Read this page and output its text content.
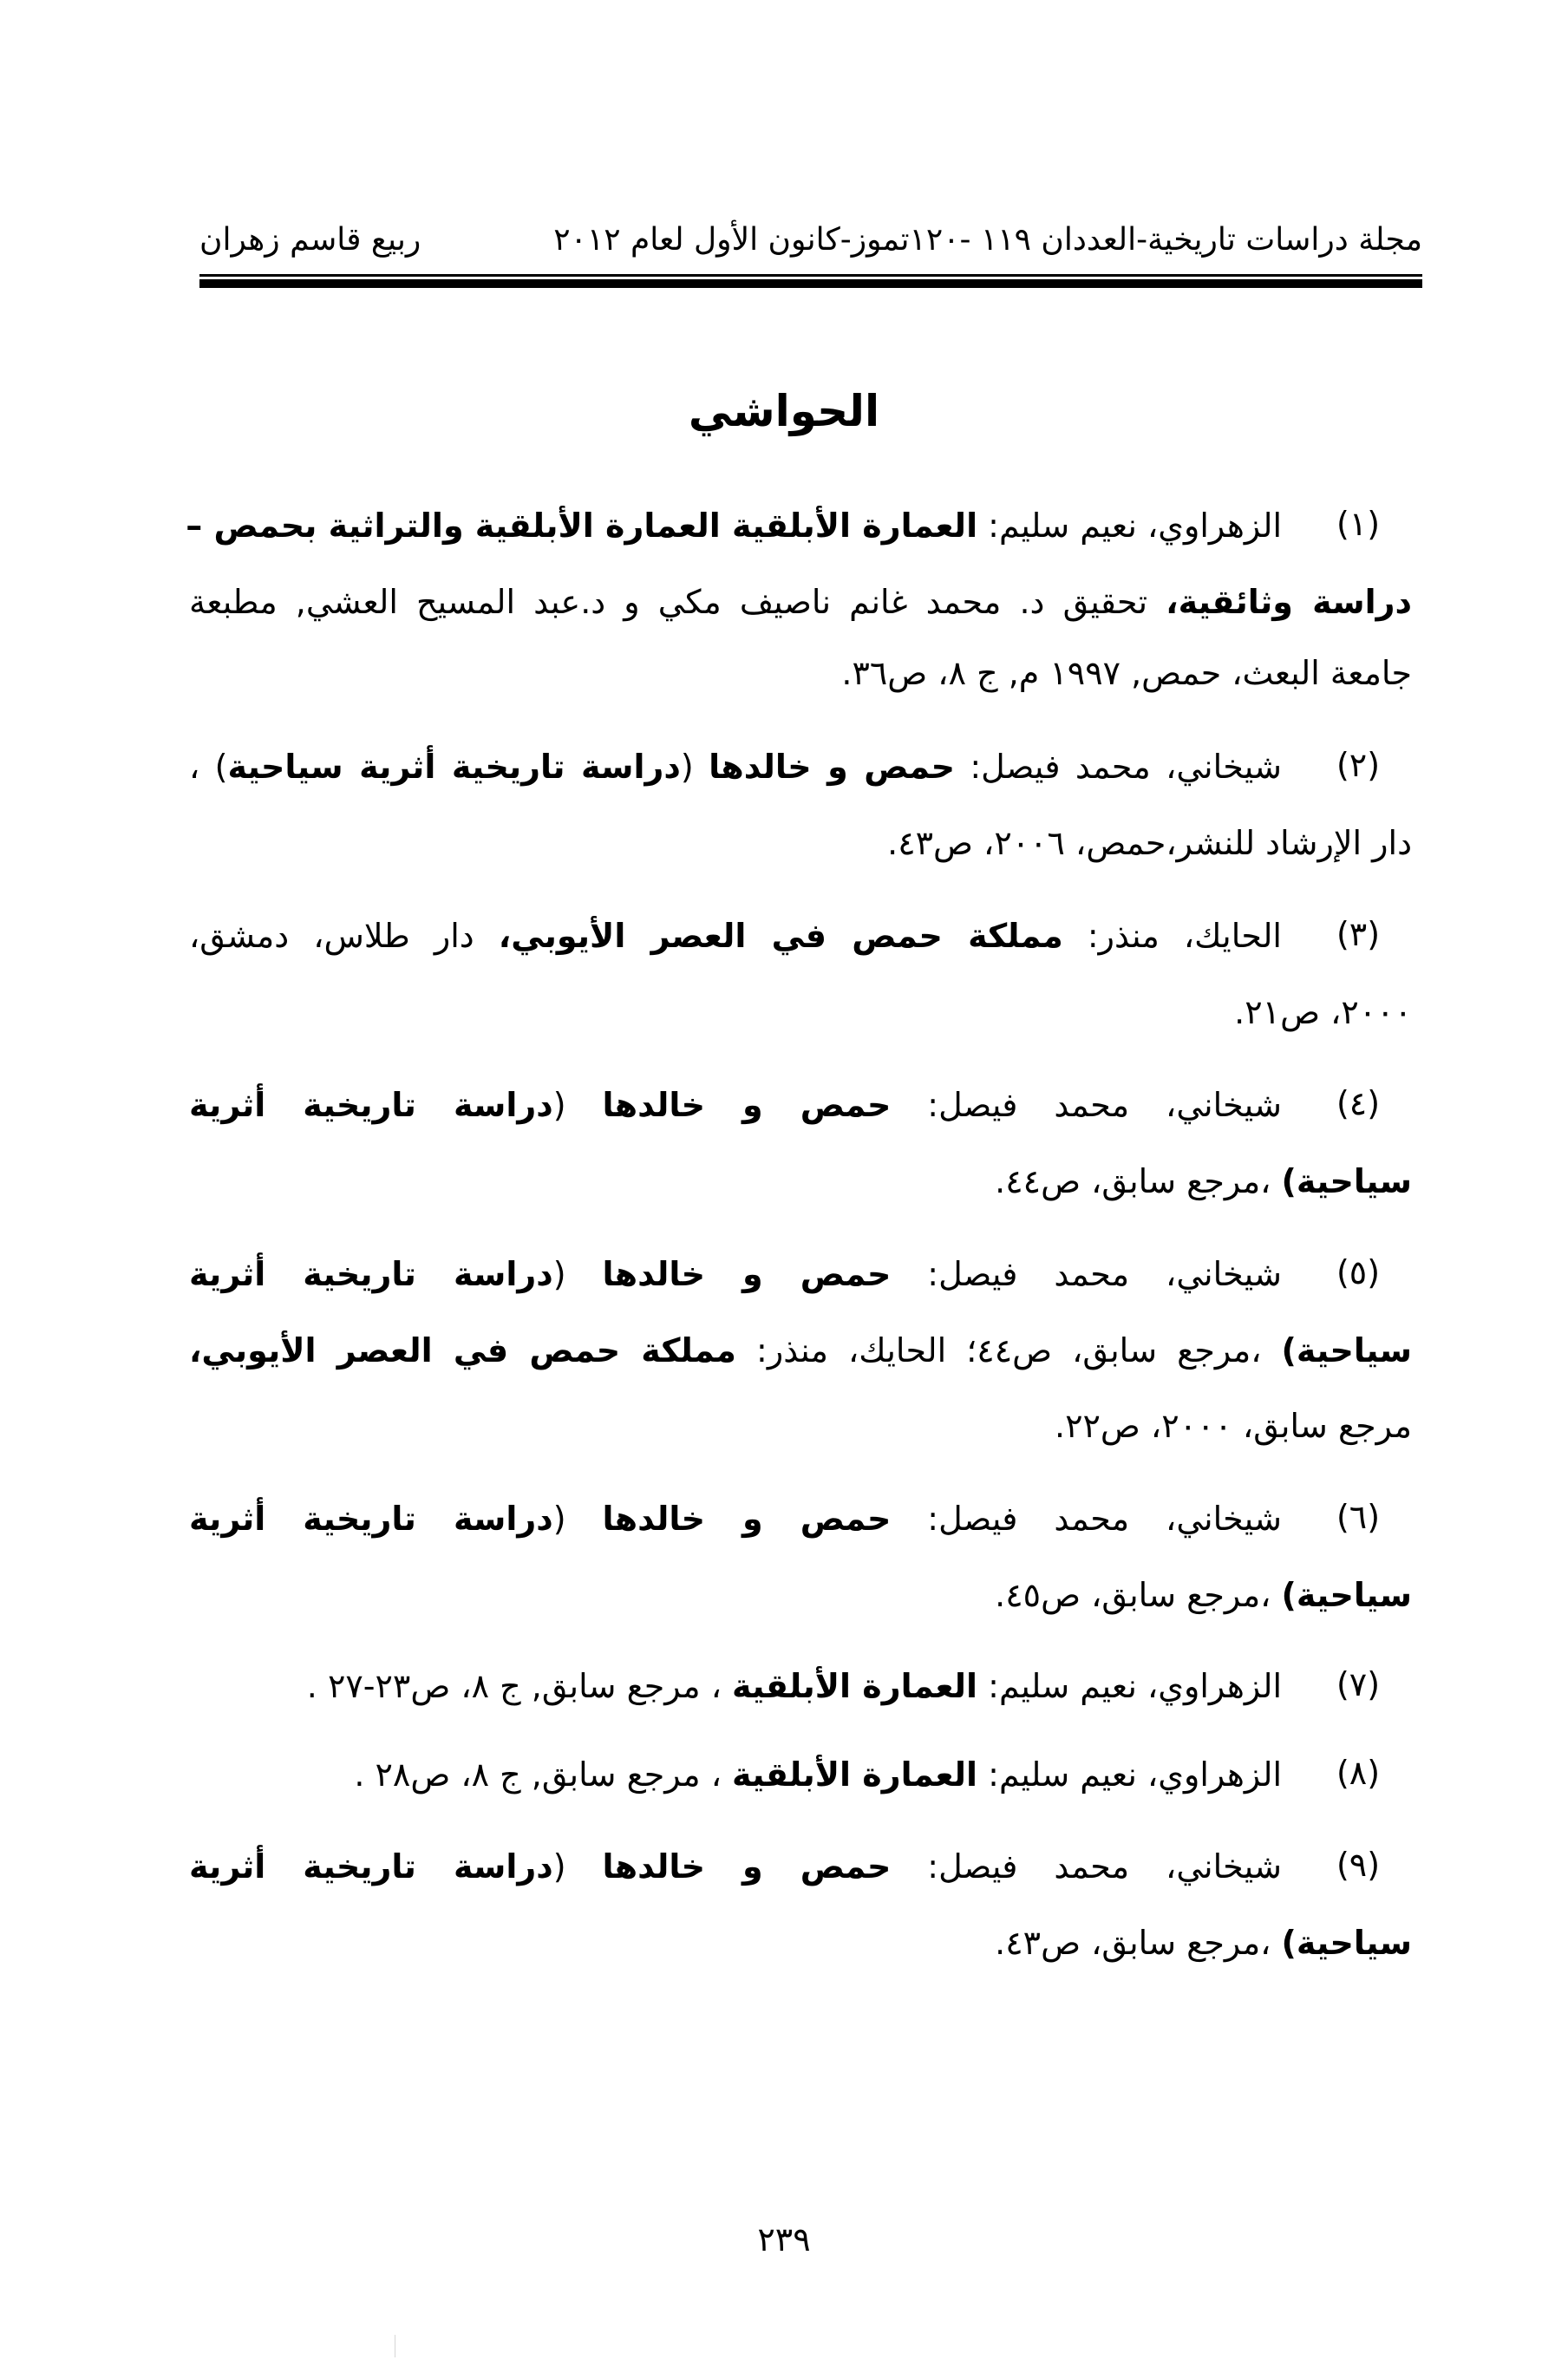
مجلة دراسات تاريخية-العددان ١١٩ -١٢٠تموز-كانون الأول لعام ٢٠١٢
ربيع قاسم زهران
الحواشي
(١)
الزهراوي، نعيم سليم: العمارة الأبلقية العمارة الأبلقية والتراثية بحمص –
دراسة وثائقية، تحقيق د. محمد غانم ناصيف مكي و د.عبد المسيح العشي, مطبعة
جامعة البعث، حمص, ١٩٩٧ م, ج ٨، ص٣٦.
(٢)
شيخاني، محمد فيصل: حمص و خالدها (دراسة تاريخية أثرية سياحية) ،
دار الإرشاد للنشر،حمص، ٢٠٠٦، ص٤٣.
(٣)
الحايك، منذر: مملكة حمص في العصر الأيوبي، دار طلاس، دمشق،
٢٠٠٠، ص٢١.
(٤)
شيخاني، محمد فيصل: حمص و خالدها (دراسة تاريخية أثرية
سياحية) ،مرجع سابق، ص٤٤.
(٥)
شيخاني، محمد فيصل: حمص و خالدها (دراسة تاريخية أثرية
سياحية) ،مرجع سابق، ص٤٤؛ الحايك، منذر: مملكة حمص في العصر الأيوبي،
مرجع سابق، ٢٠٠٠، ص٢٢.
(٦)
شيخاني، محمد فيصل: حمص و خالدها (دراسة تاريخية أثرية
سياحية) ،مرجع سابق، ص٤٥.
(٧)
الزهراوي، نعيم سليم: العمارة الأبلقية ، مرجع سابق, ج ٨، ص٢٣-٢٧ .
(٨)
الزهراوي، نعيم سليم: العمارة الأبلقية ، مرجع سابق, ج ٨، ص٢٨ .
(٩)
شيخاني، محمد فيصل: حمص و خالدها (دراسة تاريخية أثرية
سياحية) ،مرجع سابق، ص٤٣.
٢٣٩
